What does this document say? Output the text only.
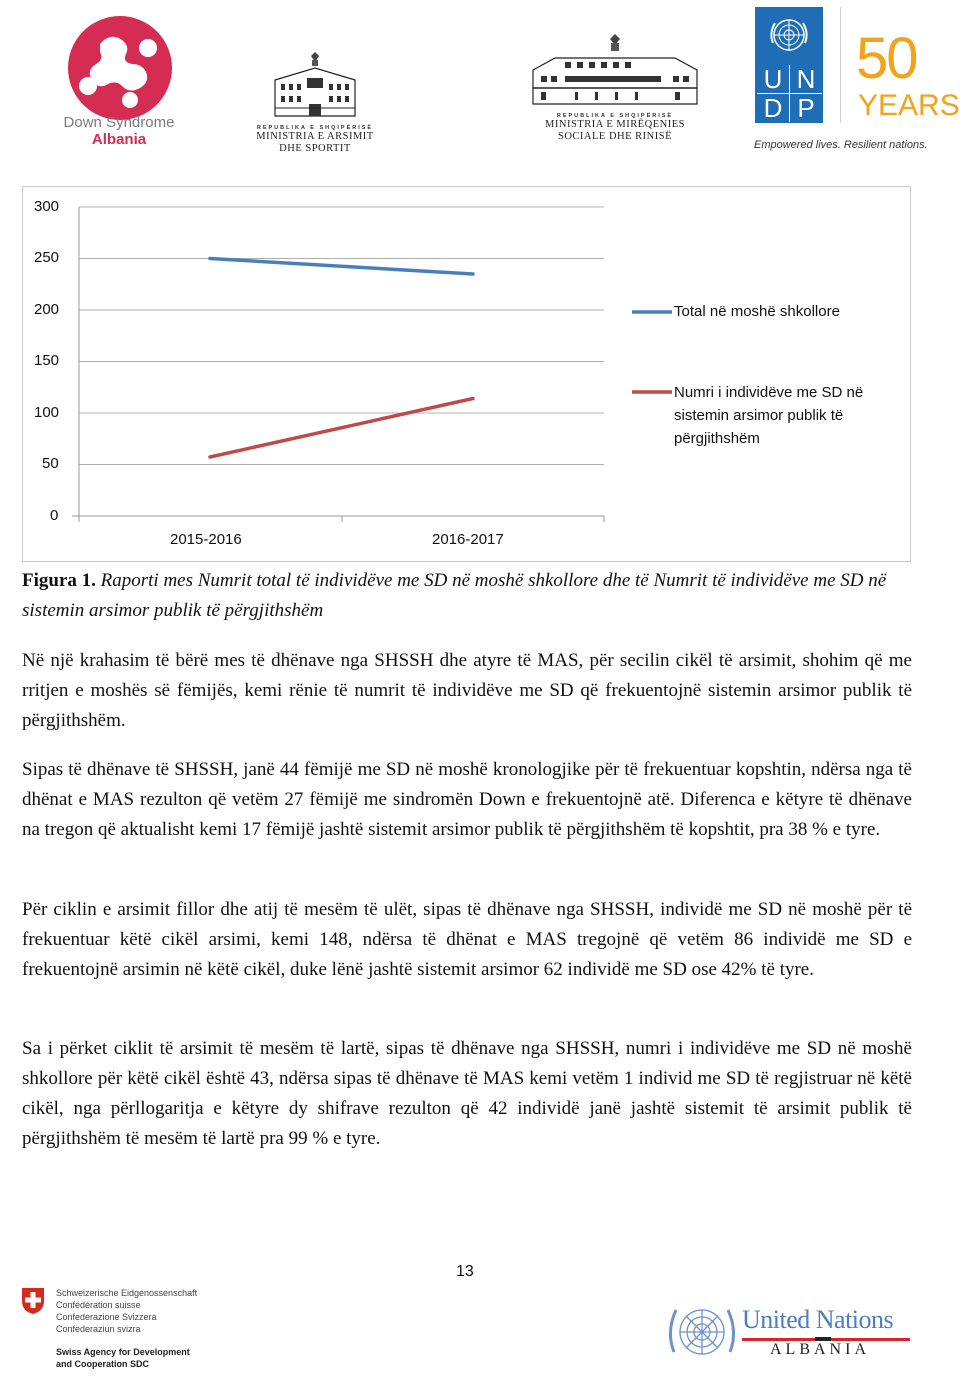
Down Syndrome
Albania
REPUBLIKA E SHQIPËRISË
MINISTRIA E ARSIMIT
DHE SPORTIT
REPUBLIKA E SHQIPËRISË
MINISTRIA E MIRËQENIES
SOCIALE DHE RINISË
U N
D P
50
YEARS
Empowered lives. Resilient nations.
300
250
200
150
100
50
0
2015-2016	2016-2017
Total në moshë shkollore
Numri i individëve me SD në
sistemin arsimor publik të
përgjithshëm
Figura 1. Raporti mes Numrit total të individëve me SD në moshë shkollore dhe të Numrit të individëve me SD në sistemin arsimor publik të përgjithshëm

Në një krahasim të bërë mes të dhënave nga SHSSH dhe atyre të MAS, për secilin cikël të arsimit, shohim që me rritjen e moshës së fëmijës, kemi rënie të numrit të individëve me SD që frekuentojnë sistemin arsimor publik të përgjithshëm.

Sipas të dhënave të SHSSH, janë 44 fëmijë me SD në moshë kronologjike për të frekuentuar kopshtin, ndërsa nga të dhënat e MAS rezulton që vetëm 27 fëmijë me sindromën Down e frekuentojnë atë. Diferenca e këtyre të dhënave na tregon që aktualisht kemi 17 fëmijë jashtë sistemit arsimor publik të përgjithshëm të kopshtit, pra 38 % e tyre.

Për ciklin e arsimit fillor dhe atij të mesëm të ulët, sipas të dhënave nga SHSSH, individë me SD në moshë për të frekuentuar këtë cikël arsimi, kemi 148, ndërsa të dhënat e MAS tregojnë që vetëm 86 individë me SD e frekuentojnë arsimin në këtë cikël, duke lënë jashtë sistemit arsimor 62 individë me SD ose 42% të tyre.

Sa i përket ciklit të arsimit të mesëm të lartë, sipas të dhënave nga SHSSH, numri i individëve me SD në moshë shkollore për këtë cikël është 43, ndërsa sipas të dhënave të MAS kemi vetëm 1 individ me SD të regjistruar në këtë cikël, nga përllogaritja e këtyre dy shifrave rezulton që 42 individë janë jashtë sistemit të arsimit publik të përgjithshëm të mesëm të lartë pra 99 % e tyre.

13
Schweizerische Eidgenossenschaft
Confédération suisse
Confederazione Svizzera
Confederaziun svizra
Swiss Agency for Development
and Cooperation SDC
United Nations
ALBANIA
